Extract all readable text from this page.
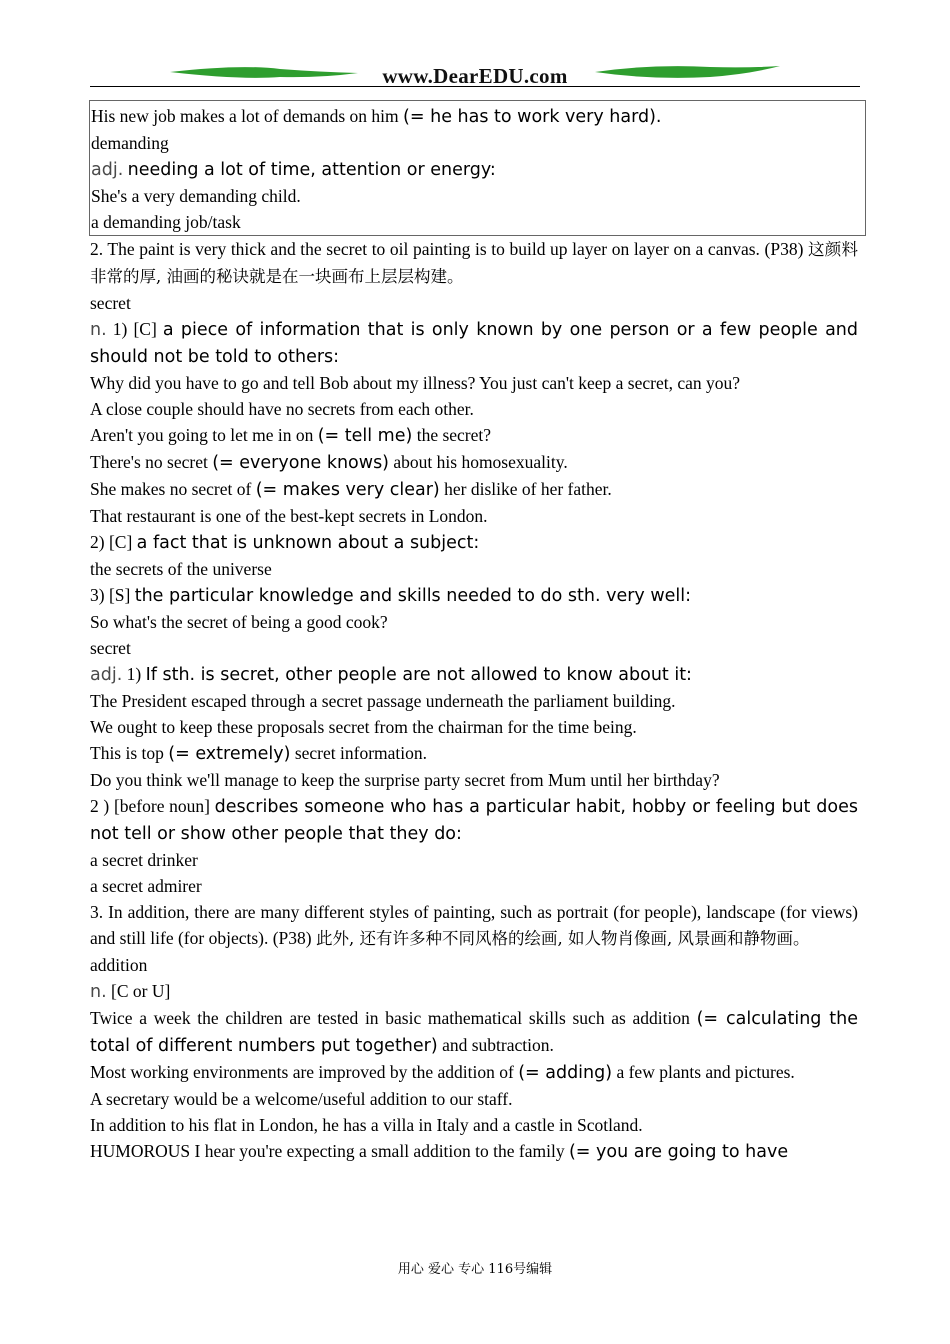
www.DearEDU.com
His new job makes a lot of demands on him (= he has to work very hard).
demanding
adj. needing a lot of time, attention or energy:
She's a very demanding child.
a demanding job/task
2. The paint is very thick and the secret to oil painting is to build up layer on layer on a canvas. (P38) 这颜料非常的厚, 油画的秘诀就是在一块画布上层层构建。
secret
n. 1) [C] a piece of information that is only known by one person or a few people and should not be told to others:
Why did you have to go and tell Bob about my illness? You just can't keep a secret, can you?
A close couple should have no secrets from each other.
Aren't you going to let me in on (= tell me) the secret?
There's no secret (= everyone knows) about his homosexuality.
She makes no secret of (= makes very clear) her dislike of her father.
That restaurant is one of the best-kept secrets in London.
2) [C] a fact that is unknown about a subject:
the secrets of the universe
3) [S] the particular knowledge and skills needed to do sth. very well:
So what's the secret of being a good cook?
secret
adj. 1) If sth. is secret, other people are not allowed to know about it:
The President escaped through a secret passage underneath the parliament building.
We ought to keep these proposals secret from the chairman for the time being.
This is top (= extremely) secret information.
Do you think we'll manage to keep the surprise party secret from Mum until her birthday?
2 ) [before noun] describes someone who has a particular habit, hobby or feeling but does not tell or show other people that they do:
a secret drinker
a secret admirer
3. In addition, there are many different styles of painting, such as portrait (for people), landscape (for views) and still life (for objects). (P38) 此外, 还有许多种不同风格的绘画, 如人物肖像画, 风景画和静物画。
addition
n. [C or U]
Twice a week the children are tested in basic mathematical skills such as addition (= calculating the total of different numbers put together) and subtraction.
Most working environments are improved by the addition of (= adding) a few plants and pictures.
A secretary would be a welcome/useful addition to our staff.
In addition to his flat in London, he has a villa in Italy and a castle in Scotland.
HUMOROUS I hear you're expecting a small addition to the family (= you are going to have
用心 爱心 专心 116号编辑
